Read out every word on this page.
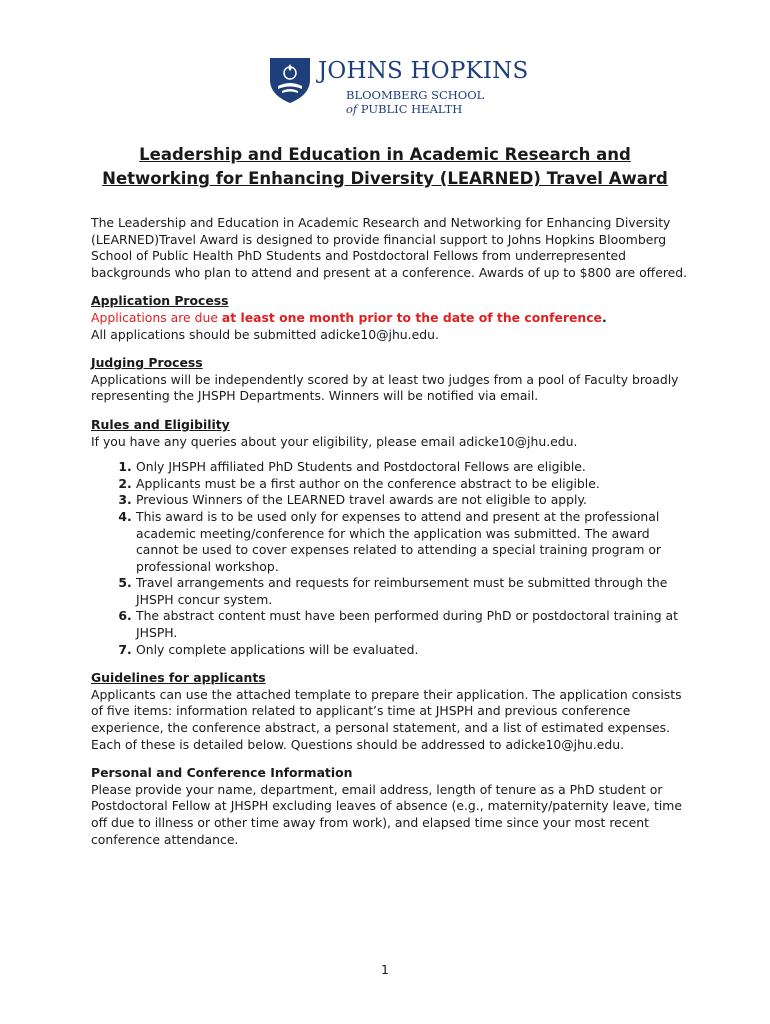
JOHNS HOPKINS
BLOOMBERG SCHOOL
of PUBLIC HEALTH
Leadership and Education in Academic Research and Networking for Enhancing Diversity (LEARNED) Travel Award

The Leadership and Education in Academic Research and Networking for Enhancing Diversity (LEARNED)Travel Award is designed to provide financial support to Johns Hopkins Bloomberg School of Public Health PhD Students and Postdoctoral Fellows from underrepresented backgrounds who plan to attend and present at a conference. Awards of up to $800 are offered.

Application Process

Applications are due at least one month prior to the date of the conference.

All applications should be submitted adicke10@jhu.edu.

Judging Process

Applications will be independently scored by at least two judges from a pool of Faculty broadly representing the JHSPH Departments. Winners will be notified via email.

Rules and Eligibility

If you have any queries about your eligibility, please email adicke10@jhu.edu.

1. Only JHSPH affiliated PhD Students and Postdoctoral Fellows are eligible.
2. Applicants must be a first author on the conference abstract to be eligible.
3. Previous Winners of the LEARNED travel awards are not eligible to apply.
4. This award is to be used only for expenses to attend and present at the professional academic meeting/conference for which the application was submitted. The award cannot be used to cover expenses related to attending a special training program or professional workshop.
5. Travel arrangements and requests for reimbursement must be submitted through the JHSPH concur system.
6. The abstract content must have been performed during PhD or postdoctoral training at JHSPH.
7. Only complete applications will be evaluated.

Guidelines for applicants

Applicants can use the attached template to prepare their application. The application consists of five items: information related to applicant’s time at JHSPH and previous conference experience, the conference abstract, a personal statement, and a list of estimated expenses. Each of these is detailed below. Questions should be addressed to adicke10@jhu.edu.

Personal and Conference Information

Please provide your name, department, email address, length of tenure as a PhD student or Postdoctoral Fellow at JHSPH excluding leaves of absence (e.g., maternity/paternity leave, time off due to illness or other time away from work), and elapsed time since your most recent conference attendance.

1
